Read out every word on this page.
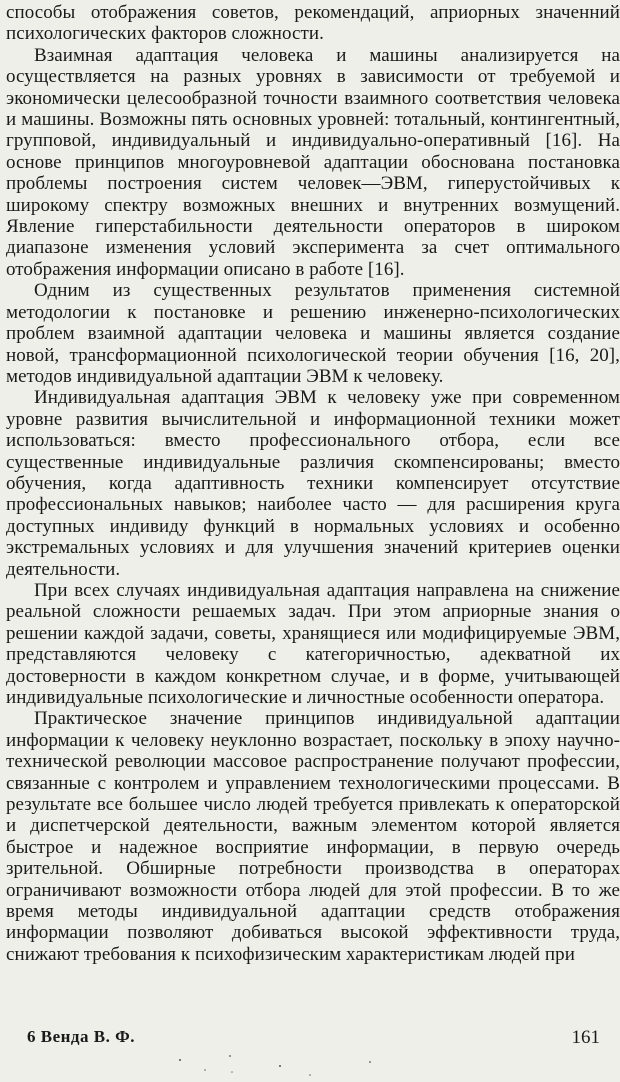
способы отображения советов, рекомендаций, априорных значенний психологических факторов сложности.

Взаимная адаптация человека и машины анализируется на осуществляется на разных уровнях в зависимости от требуемой и экономически целесообразной точности взаимного соответствия человека и машины. Возможны пять основных уровней: тотальный, контингентный, групповой, индивидуальный и индивидуально-оперативный [16]. На основе принципов многоуровневой адаптации обоснована постановка проблемы построения систем человек—ЭВМ, гиперустойчивых к широкому спектру возможных внешних и внутренних возмущений. Явление гиперстабильности деятельности операторов в широком диапазоне изменения условий эксперимента за счет оптимального отображения информации описано в работе [16].

Одним из существенных результатов применения системной методологии к постановке и решению инженерно-психологических проблем взаимной адаптации человека и машины является создание новой, трансформационной психологической теории обучения [16, 20], методов индивидуальной адаптации ЭВМ к человеку.

Индивидуальная адаптация ЭВМ к человеку уже при современном уровне развития вычислительной и информационной техники может использоваться: вместо профессионального отбора, если все существенные индивидуальные различия скомпенсированы; вместо обучения, когда адаптивность техники компенсирует отсутствие профессиональных навыков; наиболее часто — для расширения круга доступных индивиду функций в нормальных условиях и особенно экстремальных условиях и для улучшения значений критериев оценки деятельности.

При всех случаях индивидуальная адаптация направлена на снижение реальной сложности решаемых задач. При этом априорные знания о решении каждой задачи, советы, хранящиеся или модифицируемые ЭВМ, представляются человеку с категоричностью, адекватной их достоверности в каждом конкретном случае, и в форме, учитывающей индивидуальные психологические и личностные особенности оператора.

Практическое значение принципов индивидуальной адаптации информации к человеку неуклонно возрастает, поскольку в эпоху научно-технической революции массовое распространение получают профессии, связанные с контролем и управлением технологическими процессами. В результате все большее число людей требуется привлекать к операторской и диспетчерской деятельности, важным элементом которой является быстрое и надежное восприятие информации, в первую очередь зрительной. Обширные потребности производства в операторах ограничивают возможности отбора людей для этой профессии. В то же время методы индивидуальной адаптации средств отображения информации позволяют добиваться высокой эффективности труда, снижают требования к психофизическим характеристикам людей при

6 Венда В. Ф.	161
